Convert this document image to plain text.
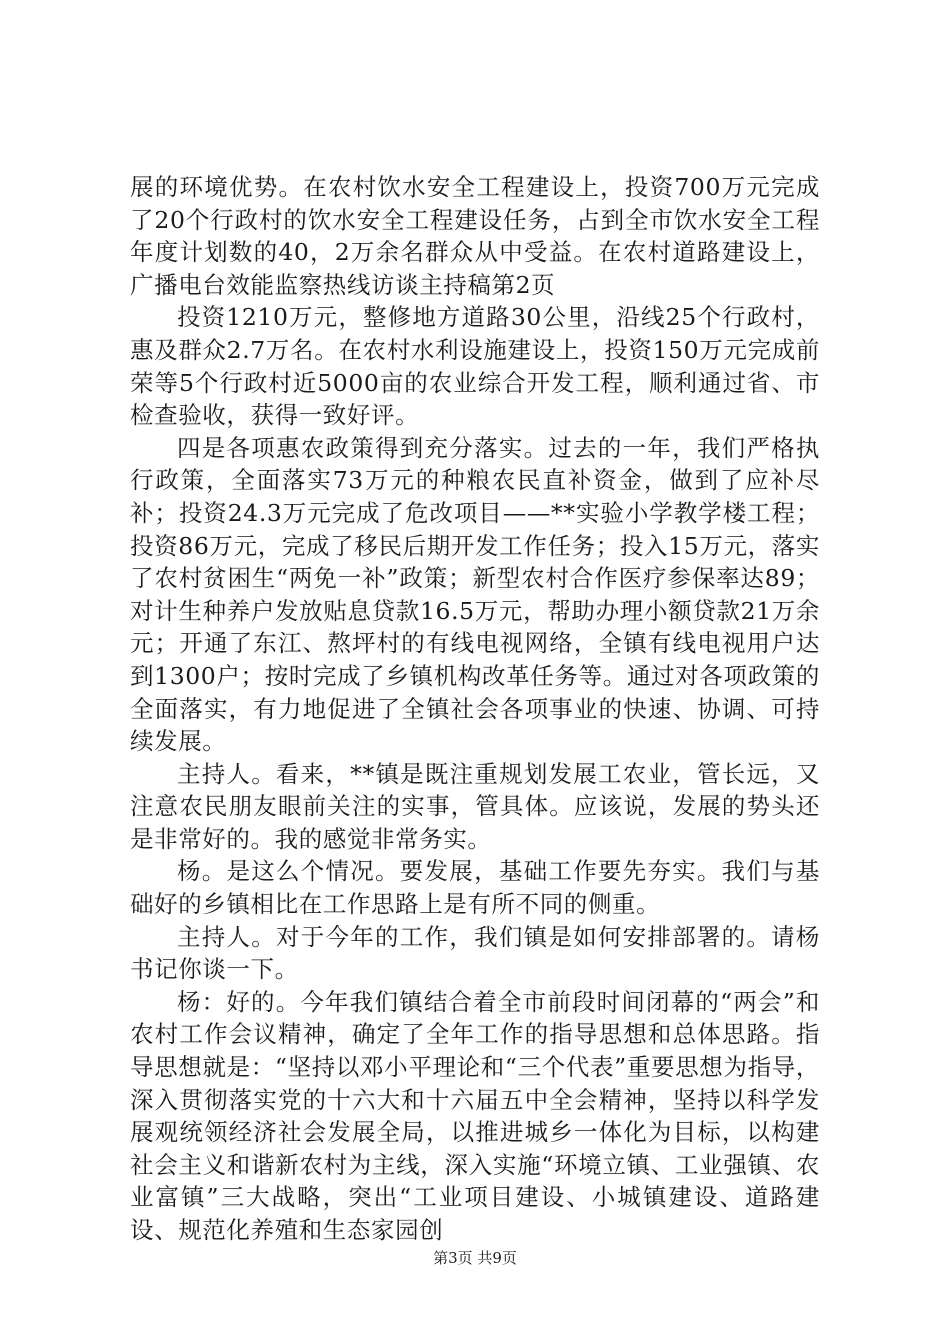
展的环境优势。在农村饮水安全工程建设上，投资700万元完成了20个行政村的饮水安全工程建设任务，占到全市饮水安全工程年度计划数的40，2万余名群众从中受益。在农村道路建设上，广播电台效能监察热线访谈主持稿第2页

投资1210万元，整修地方道路30公里，沿线25个行政村，惠及群众2.7万名。在农村水利设施建设上，投资150万元完成前荣等5个行政村近5000亩的农业综合开发工程，顺利通过省、市检查验收，获得一致好评。

四是各项惠农政策得到充分落实。过去的一年，我们严格执行政策，全面落实73万元的种粮农民直补资金，做到了应补尽补；投资24.3万元完成了危改项目——**实验小学教学楼工程；投资86万元，完成了移民后期开发工作任务；投入15万元，落实了农村贫困生“两免一补”政策；新型农村合作医疗参保率达89；对计生种养户发放贴息贷款16.5万元，帮助办理小额贷款21万余元；开通了东江、熬坪村的有线电视网络，全镇有线电视用户达到1300户；按时完成了乡镇机构改革任务等。通过对各项政策的全面落实，有力地促进了全镇社会各项事业的快速、协调、可持续发展。

主持人。看来，**镇是既注重规划发展工农业，管长远，又注意农民朋友眼前关注的实事，管具体。应该说，发展的势头还是非常好的。我的感觉非常务实。

杨。是这么个情况。要发展，基础工作要先夯实。我们与基础好的乡镇相比在工作思路上是有所不同的侧重。

主持人。对于今年的工作，我们镇是如何安排部署的。请杨书记你谈一下。

杨：好的。今年我们镇结合着全市前段时间闭幕的“两会”和农村工作会议精神，确定了全年工作的指导思想和总体思路。指导思想就是：“坚持以邓小平理论和“三个代表”重要思想为指导，深入贯彻落实党的十六大和十六届五中全会精神，坚持以科学发展观统领经济社会发展全局，以推进城乡一体化为目标，以构建社会主义和谐新农村为主线，深入实施“环境立镇、工业强镇、农业富镇”三大战略，突出“工业项目建设、小城镇建设、道路建设、规范化养殖和生态家园创

第3页 共9页
